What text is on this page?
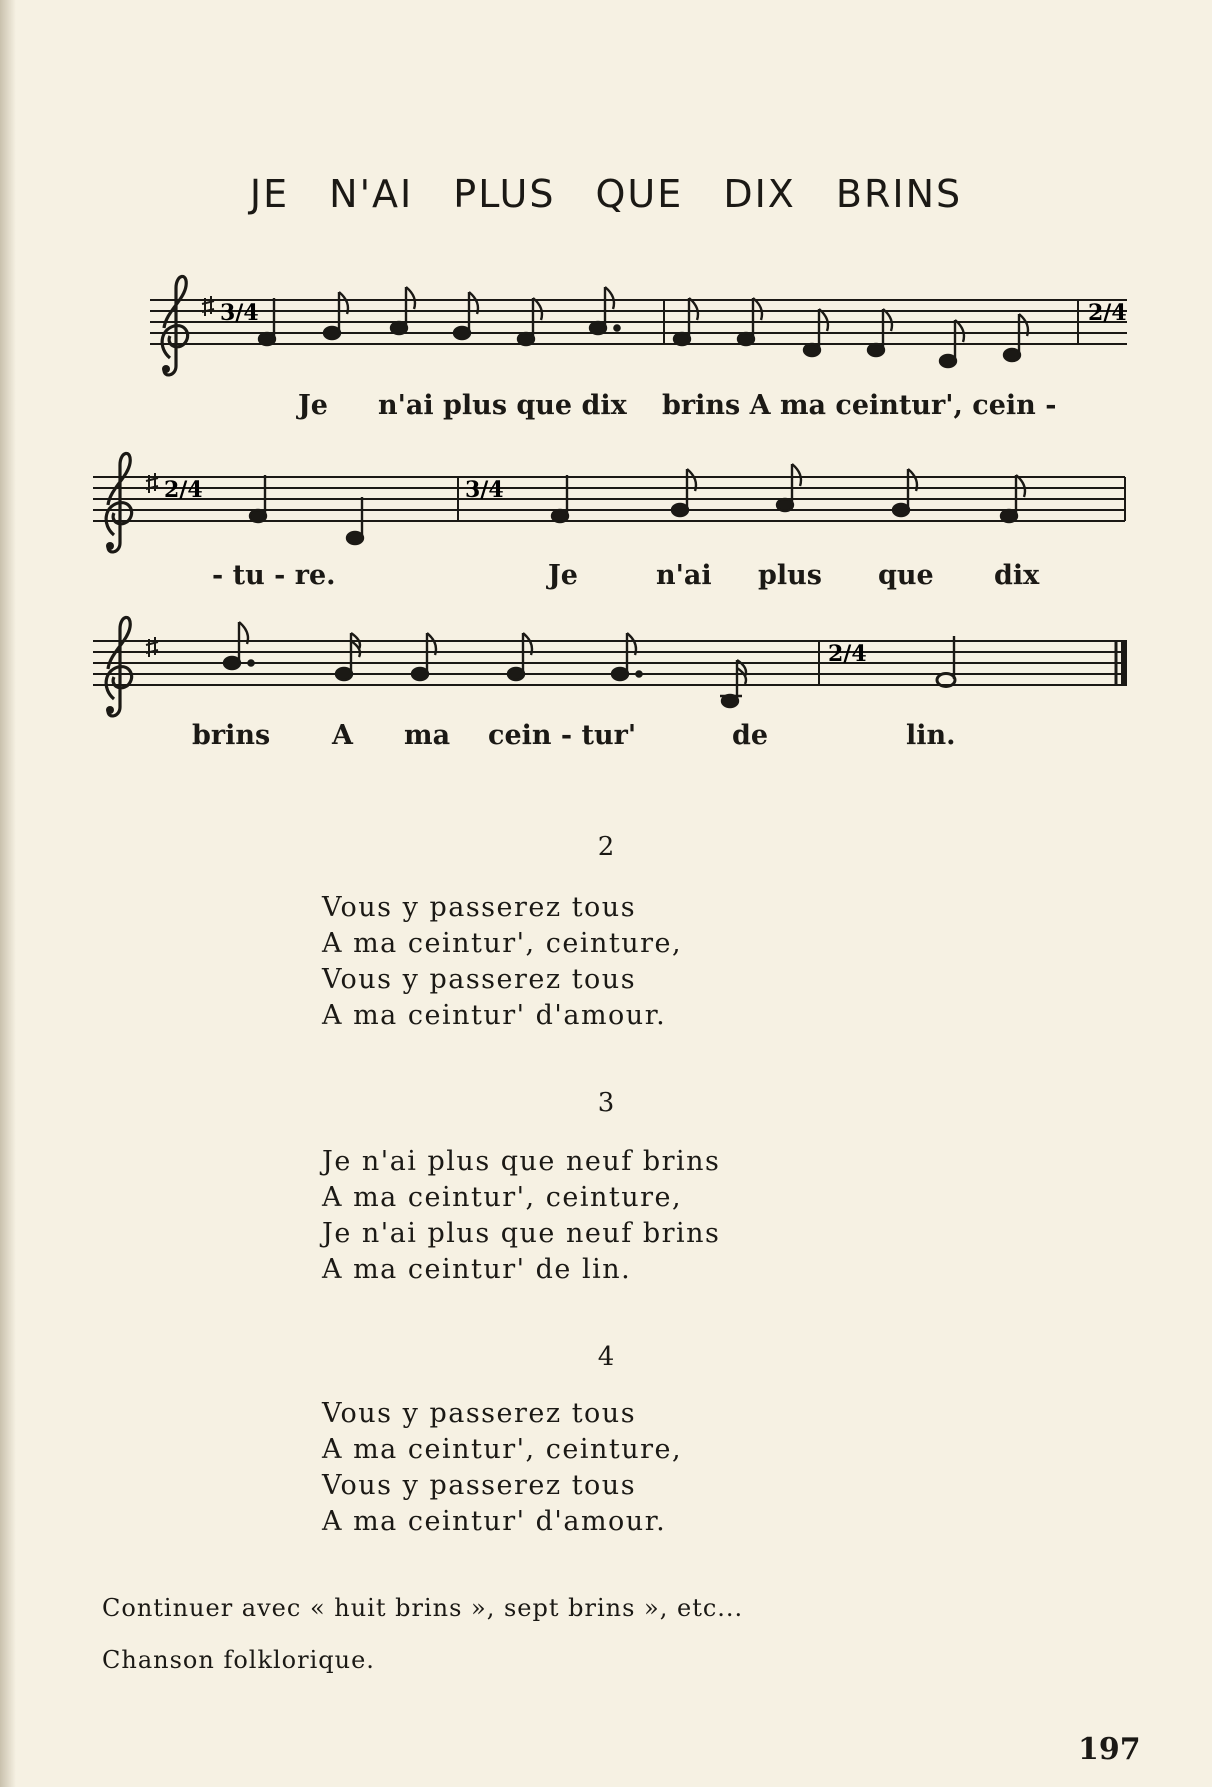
JE N'AI PLUS QUE DIX BRINS
3/4	2/4
2/4	3/4
2/4
Je n'ai plus que dix brins A ma ceintur', cein -
- tu - re.	Je	n'ai plus que dix
brins A ma cein - tur'	de	lin.
2
Vous y passerez tous
A ma ceintur', ceinture,
Vous y passerez tous
A ma ceintur' d'amour.
3
Je n'ai plus que neuf brins
A ma ceintur', ceinture,
Je n'ai plus que neuf brins
A ma ceintur' de lin.
4
Vous y passerez tous
A ma ceintur', ceinture,
Vous y passerez tous
A ma ceintur' d'amour.
Continuer avec « huit brins », sept brins », etc...
Chanson folklorique.
197
